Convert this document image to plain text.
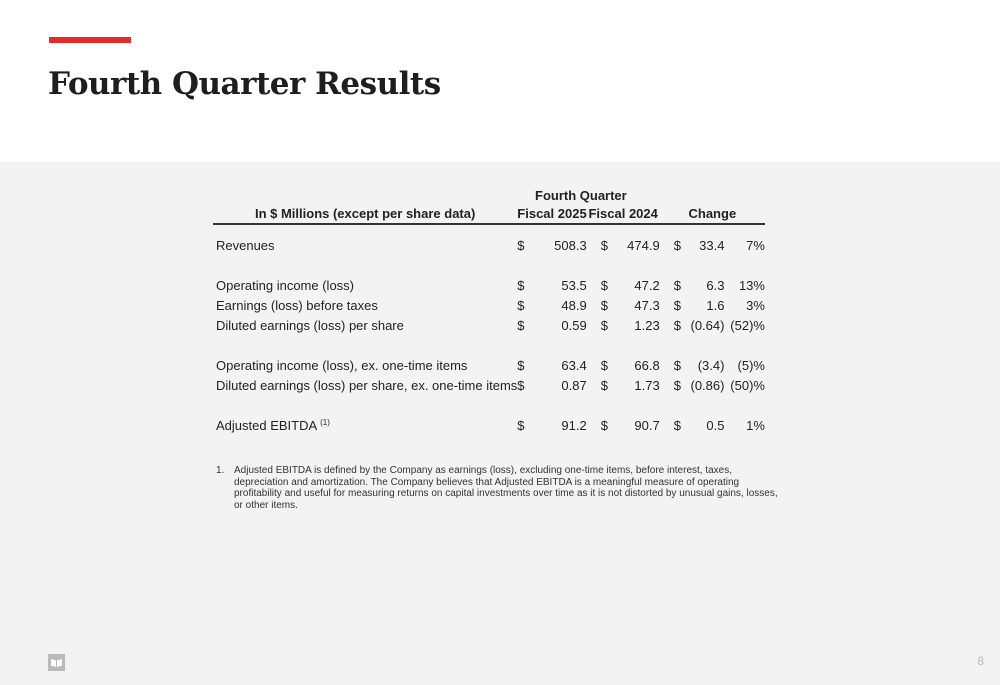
Fourth Quarter Results
	Fourth Quarter							
In $ Millions (except per share data)	Fiscal 2025		Fiscal 2024		Change			

Revenues	$	508.3	$	474.9	$	33.4	7	%

Operating income (loss)	$	53.5	$	47.2	$	6.3	13	%
Earnings (loss) before taxes	$	48.9	$	47.3	$	1.6	3	%
Diluted earnings (loss) per share	$	0.59	$	1.23	$	(0.64)	(52)	%

Operating income (loss), ex. one-time items	$	63.4	$	66.8	$	(3.4)	(5)	%
Diluted earnings (loss) per share, ex. one-time items	$	0.87	$	1.73	$	(0.86)	(50)	%

Adjusted EBITDA $^{(1)}$	$	91.2	$	90.7	$	0.5	1	%
1. Adjusted EBITDA is defined by the Company as earnings (loss), excluding one-time items, before interest, taxes, depreciation and amortization. The Company believes that Adjusted EBITDA is a meaningful measure of operating profitability and useful for measuring returns on capital investments over time as it is not distorted by unusual gains, losses, or other items.
8
